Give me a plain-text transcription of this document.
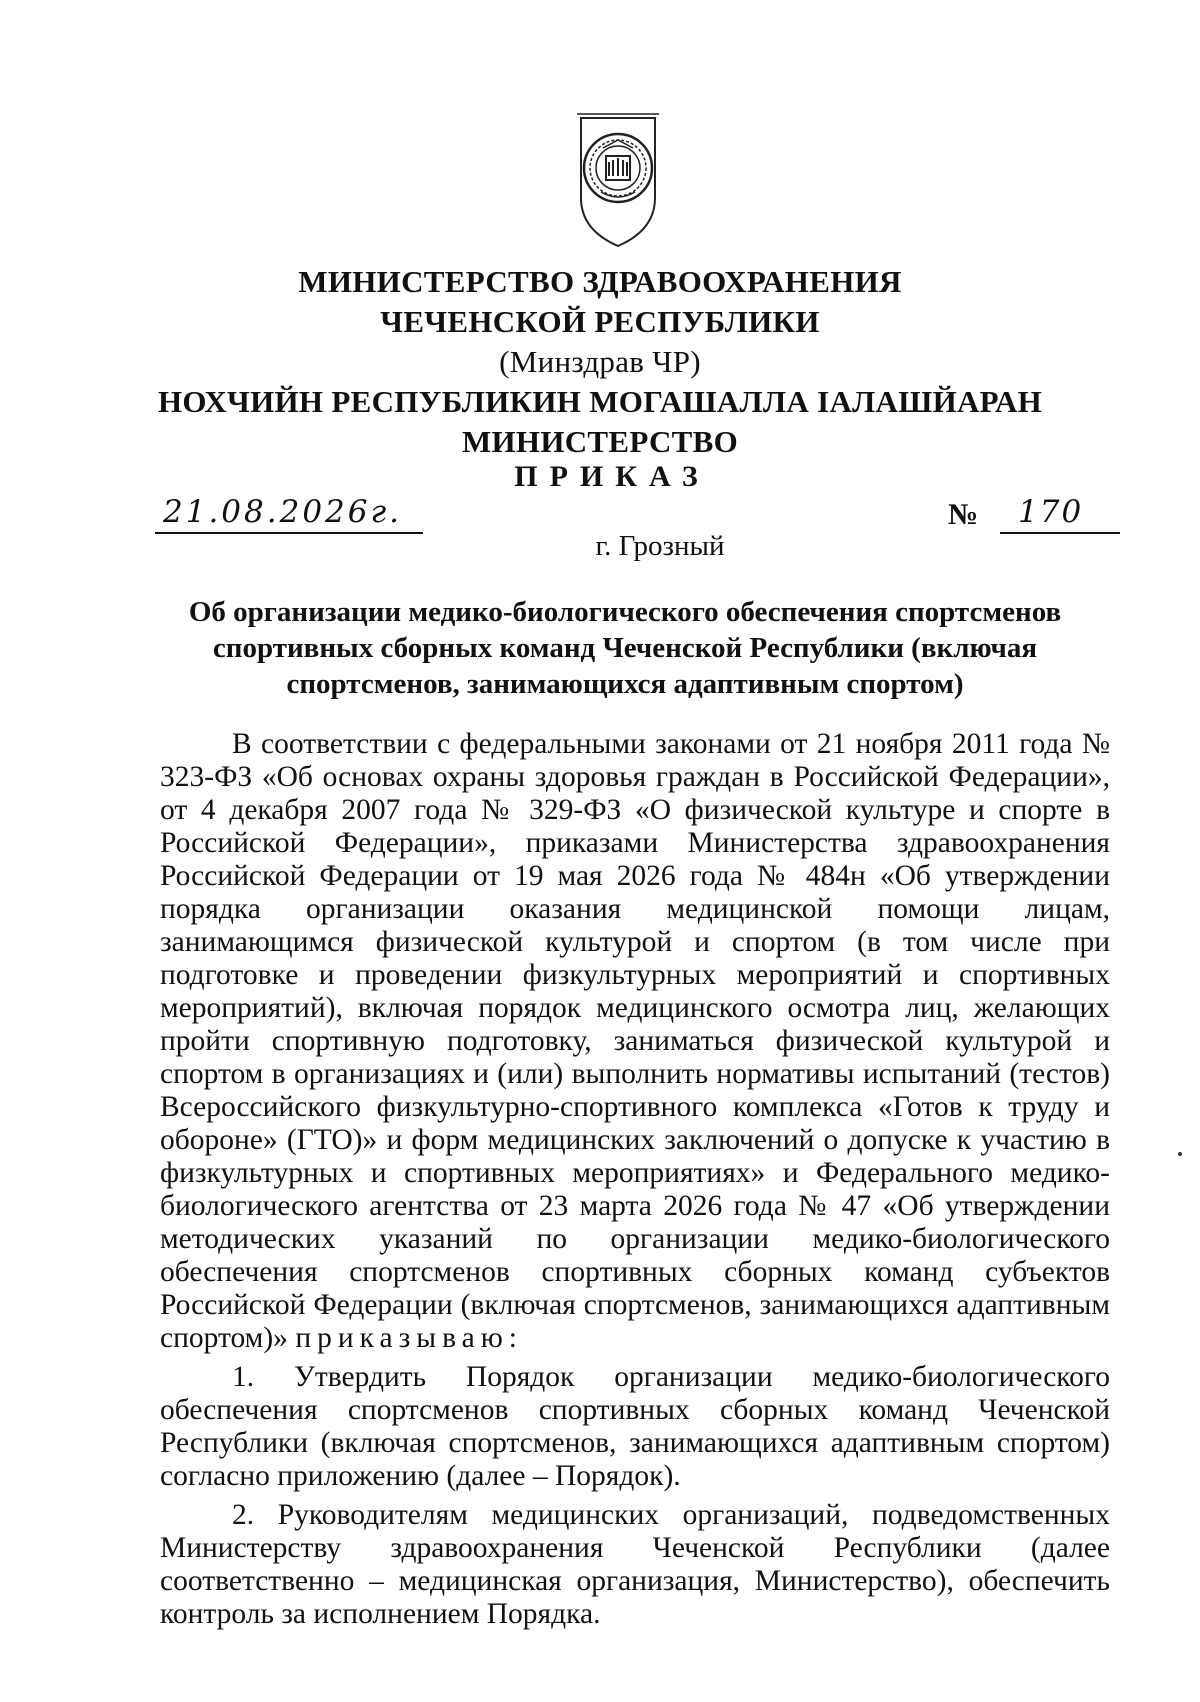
МИНИСТЕРСТВО ЗДРАВООХРАНЕНИЯ
ЧЕЧЕНСКОЙ РЕСПУБЛИКИ
(Минздрав ЧР)
НОХЧИЙН РЕСПУБЛИКИН МОГАШАЛЛА IАЛАШЙАРАН
МИНИСТЕРСТВО
ПРИКАЗ
21.08.2026г.	№ 170
г. Грозный
Об организации медико-биологического обеспечения спортсменов
спортивных сборных команд Чеченской Республики (включая
спортсменов, занимающихся адаптивным спортом)

В соответствии с федеральными законами от 21 ноября 2011 года № 323-ФЗ «Об основах охраны здоровья граждан в Российской Федерации», от 4 декабря 2007 года № 329-ФЗ «О физической культуре и спорте в Российской Федерации», приказами Министерства здравоохранения Российской Федерации от 19 мая 2026 года № 484н «Об утверждении порядка организации оказания медицинской помощи лицам, занимающимся физической культурой и спортом (в том числе при подготовке и проведении физкультурных мероприятий и спортивных мероприятий), включая порядок медицинского осмотра лиц, желающих пройти спортивную подготовку, заниматься физической культурой и спортом в организациях и (или) выполнить нормативы испытаний (тестов) Всероссийского физкультурно-спортивного комплекса «Готов к труду и обороне» (ГТО)» и форм медицинских заключений о допуске к участию в физкультурных и спортивных мероприятиях» и Федерального медико-биологического агентства от 23 марта 2026 года № 47 «Об утверждении методических указаний по организации медико-биологического обеспечения спортсменов спортивных сборных команд субъектов Российской Федерации (включая спортсменов, занимающихся адаптивным спортом)» приказываю:

1. Утвердить Порядок организации медико-биологического обеспечения спортсменов спортивных сборных команд Чеченской Республики (включая спортсменов, занимающихся адаптивным спортом) согласно приложению (далее – Порядок).

2. Руководителям медицинских организаций, подведомственных Министерству здравоохранения Чеченской Республики (далее соответственно – медицинская организация, Министерство), обеспечить контроль за исполнением Порядка.
